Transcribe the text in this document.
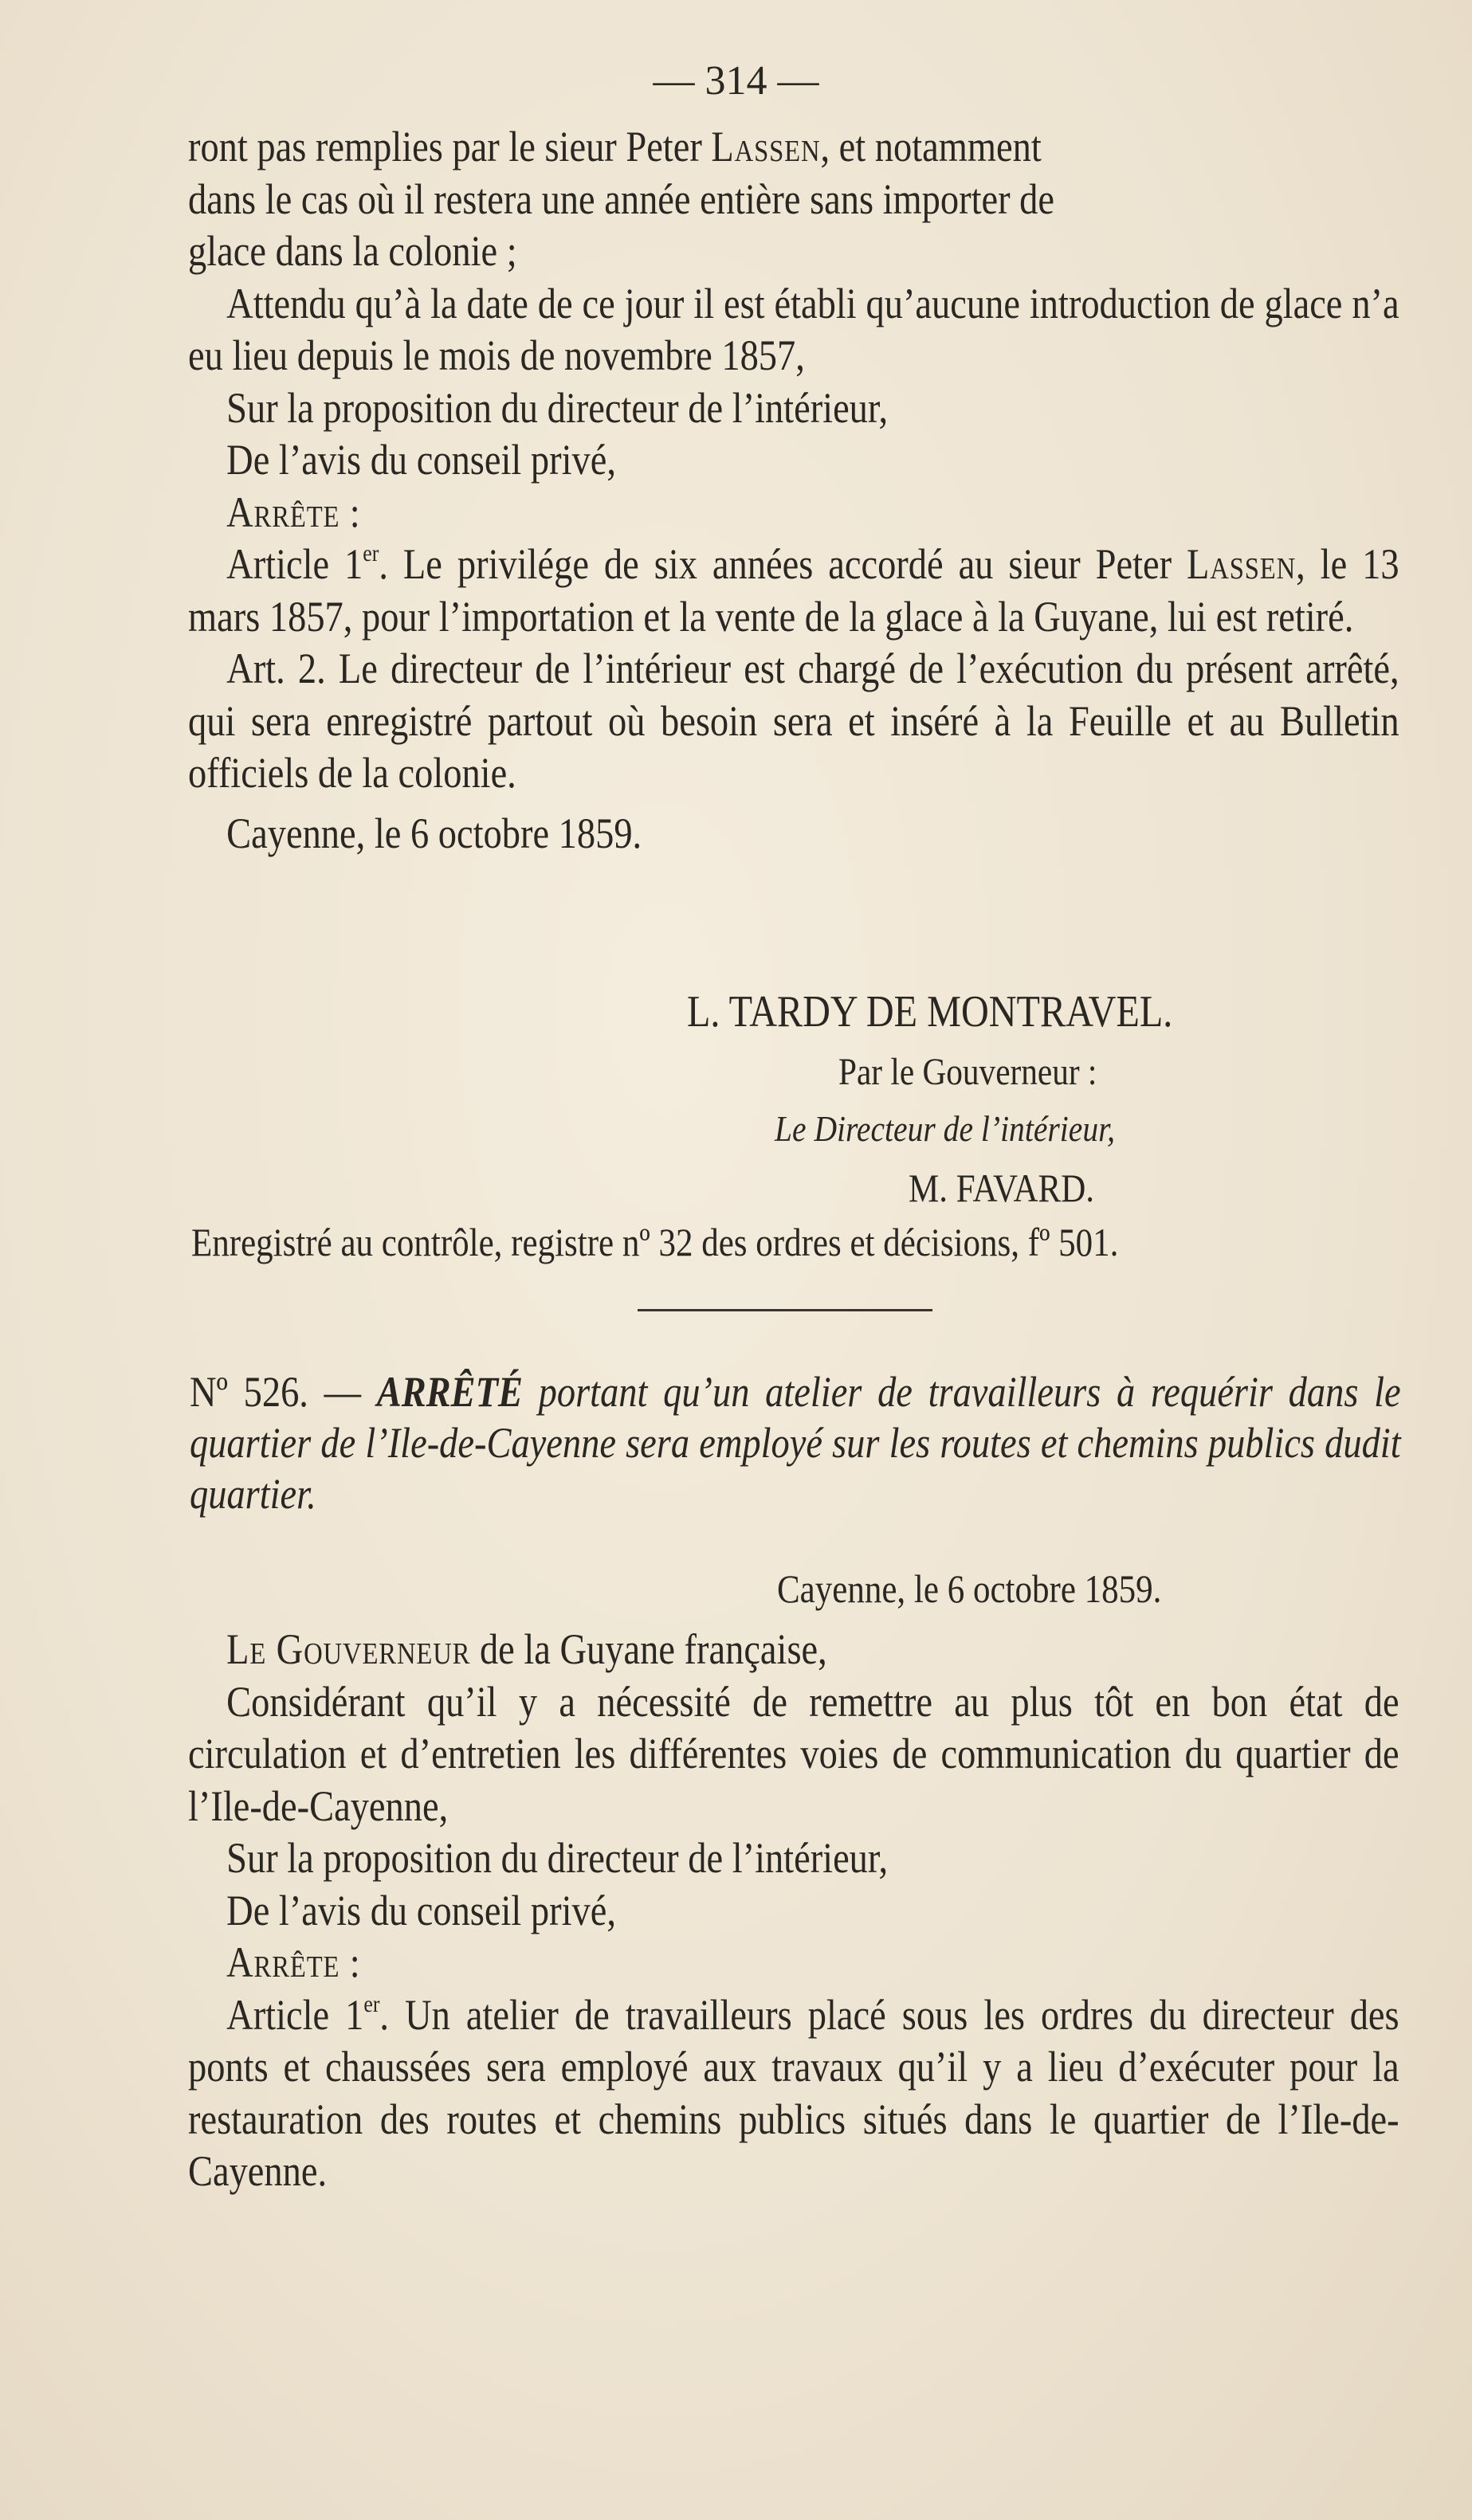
— 314 —
ront pas remplies par le sieur Peter Lassen, et notamment
dans le cas où il restera une année entière sans importer de
glace dans la colonie ;
Attendu qu’à la date de ce jour il est établi qu’aucune introduction de glace n’a eu lieu depuis le mois de novembre 1857,
Sur la proposition du directeur de l’intérieur,
De l’avis du conseil privé,
Arrête :
Article 1er. Le privilége de six années accordé au sieur Peter Lassen, le 13 mars 1857, pour l’importation et la vente de la glace à la Guyane, lui est retiré.
Art. 2. Le directeur de l’intérieur est chargé de l’exécution du présent arrêté, qui sera enregistré partout où besoin sera et inséré à la Feuille et au Bulletin officiels de la colonie.
Cayenne, le 6 octobre 1859.
L. TARDY DE MONTRAVEL.
Par le Gouverneur :
Le Directeur de l’intérieur,
M. FAVARD.
Enregistré au contrôle, registre nº 32 des ordres et décisions, fº 501.
Nº 526. — ARRÊTÉ portant qu’un atelier de travailleurs à requérir dans le quartier de l’Ile-de-Cayenne sera employé sur les routes et chemins publics dudit quartier.
Cayenne, le 6 octobre 1859.
Le Gouverneur de la Guyane française,
Considérant qu’il y a nécessité de remettre au plus tôt en bon état de circulation et d’entretien les différentes voies de communication du quartier de l’Ile-de-Cayenne,
Sur la proposition du directeur de l’intérieur,
De l’avis du conseil privé,
Arrête :
Article 1er. Un atelier de travailleurs placé sous les ordres du directeur des ponts et chaussées sera employé aux travaux qu’il y a lieu d’exécuter pour la restauration des routes et chemins publics situés dans le quartier de l’Ile-de-Cayenne.
